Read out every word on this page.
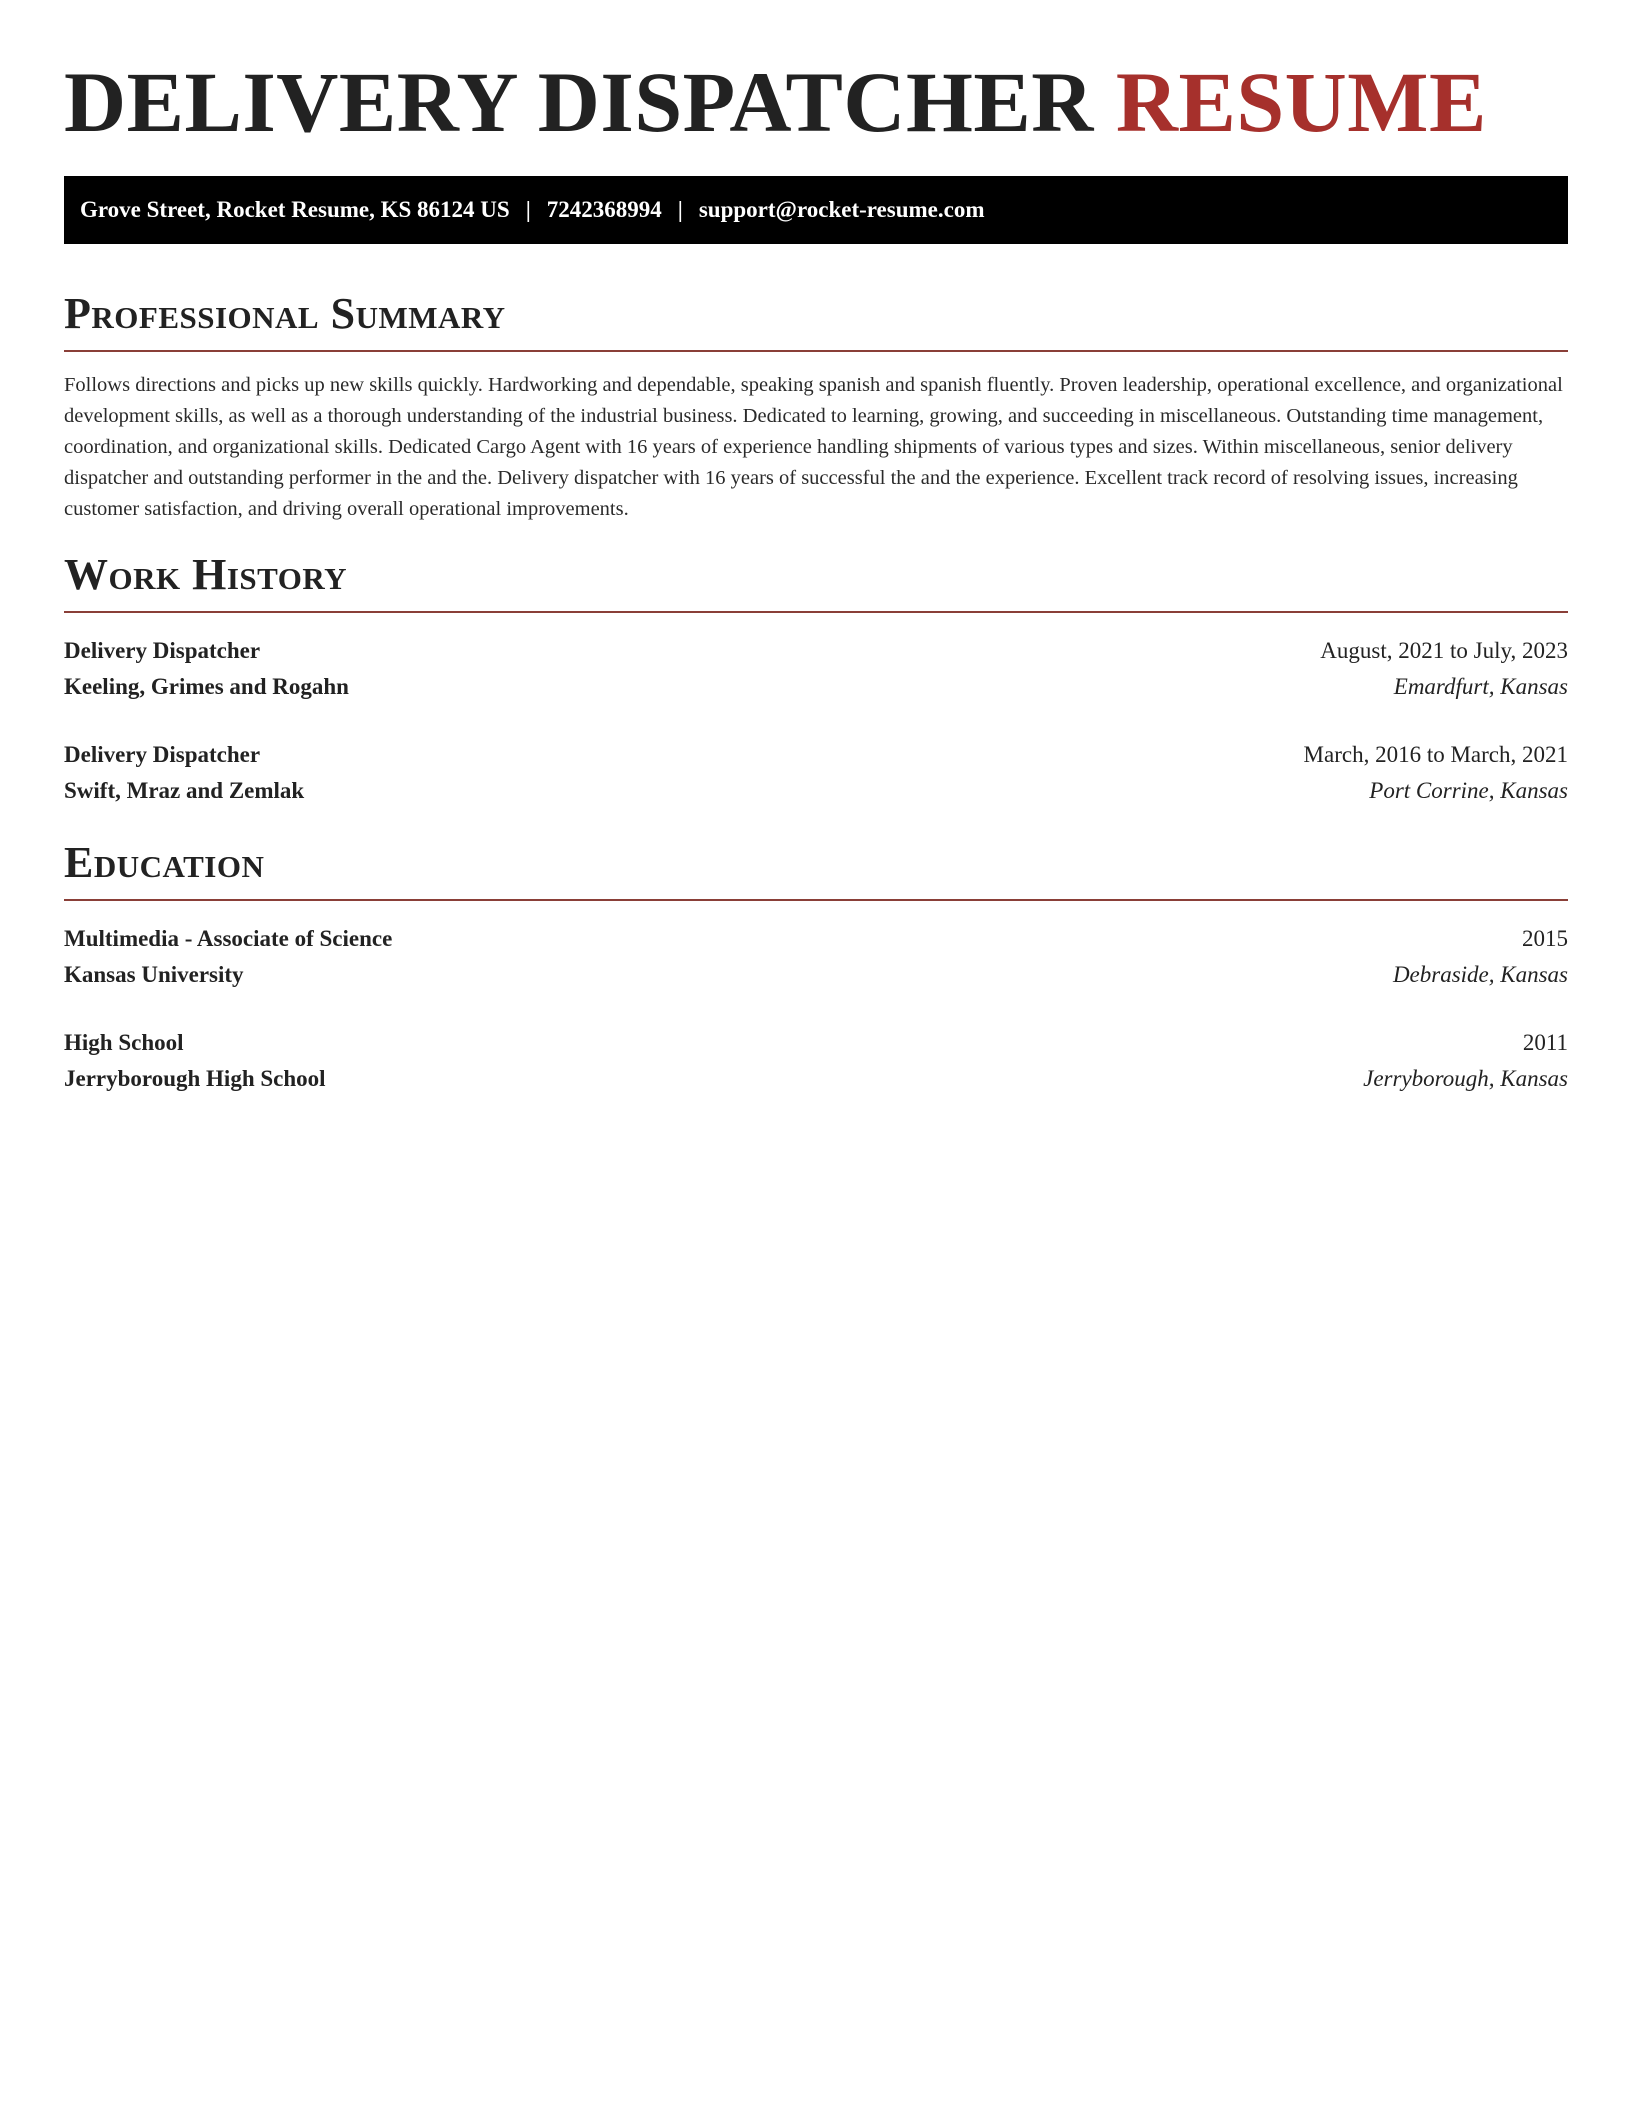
DELIVERY DISPATCHER RESUME
Grove Street, Rocket Resume, KS 86124 US | 7242368994 | support@rocket-resume.com
Professional Summary

Follows directions and picks up new skills quickly. Hardworking and dependable, speaking spanish and spanish fluently. Proven leadership, operational excellence, and organizational development skills, as well as a thorough understanding of the industrial business. Dedicated to learning, growing, and succeeding in miscellaneous. Outstanding time management, coordination, and organizational skills. Dedicated Cargo Agent with 16 years of experience handling shipments of various types and sizes. Within miscellaneous, senior delivery dispatcher and outstanding performer in the and the. Delivery dispatcher with 16 years of successful the and the experience. Excellent track record of resolving issues, increasing customer satisfaction, and driving overall operational improvements.

Work History
Delivery Dispatcher	August, 2021 to July, 2023
Keeling, Grimes and Rogahn	Emardfurt, Kansas
Delivery Dispatcher	March, 2016 to March, 2021
Swift, Mraz and Zemlak	Port Corrine, Kansas
Education
Multimedia - Associate of Science	2015
Kansas University	Debraside, Kansas
High School	2011
Jerryborough High School	Jerryborough, Kansas
